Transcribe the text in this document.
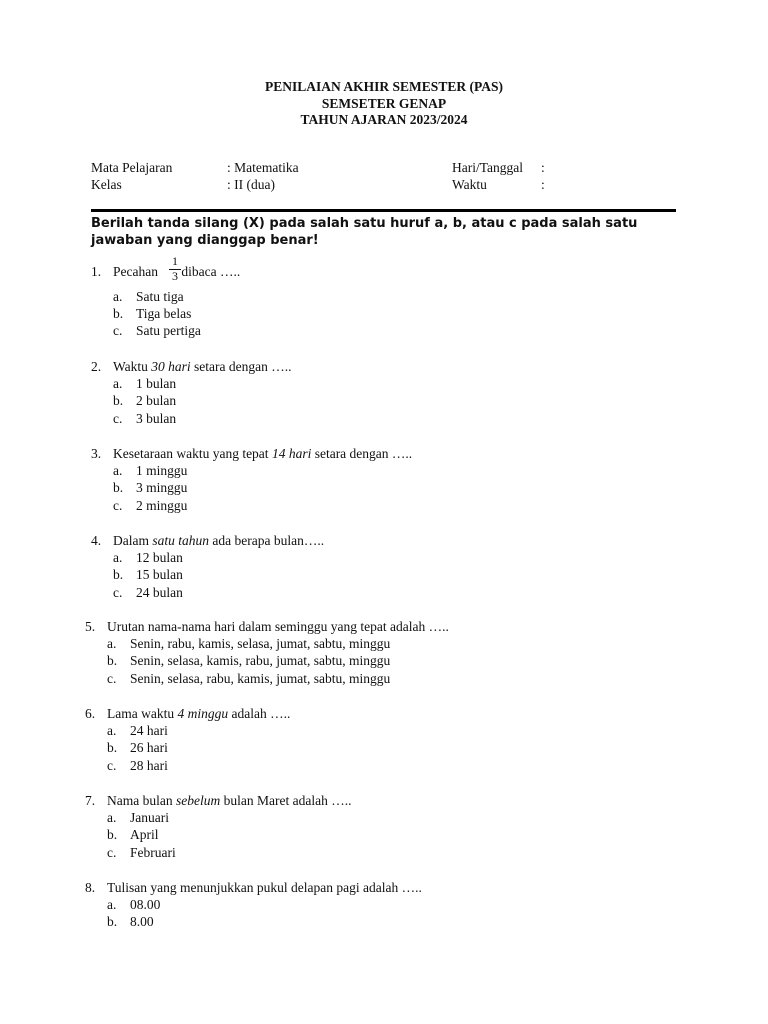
PENILAIAN AKHIR SEMESTER (PAS)
SEMSETER GENAP
TAHUN AJARAN 2023/2024
Mata Pelajaran	: Matematika	Hari/Tanggal :
Kelas	: II (dua)	Waktu	:
Berilah tanda silang (X) pada salah satu huruf a, b, atau c pada salah satu jawaban yang dianggap benar!
1. Pecahan $\frac{1}{3}$ dibaca …..
a. Satu tiga
b. Tiga belas
c. Satu pertiga
2. Waktu 30 hari setara dengan …..
a. 1 bulan
b. 2 bulan
c. 3 bulan
3. Kesetaraan waktu yang tepat 14 hari setara dengan …..
a. 1 minggu
b. 3 minggu
c. 2 minggu
4. Dalam satu tahun ada berapa bulan…..
a. 12 bulan
b. 15 bulan
c. 24 bulan
5. Urutan nama-nama hari dalam seminggu yang tepat adalah …..
a. Senin, rabu, kamis, selasa, jumat, sabtu, minggu
b. Senin, selasa, kamis, rabu, jumat, sabtu, minggu
c. Senin, selasa, rabu, kamis, jumat, sabtu, minggu
6. Lama waktu 4 minggu adalah …..
a. 24 hari
b. 26 hari
c. 28 hari
7. Nama bulan sebelum bulan Maret adalah …..
a. Januari
b. April
c. Februari
8. Tulisan yang menunjukkan pukul delapan pagi adalah …..
a. 08.00
b. 8.00
